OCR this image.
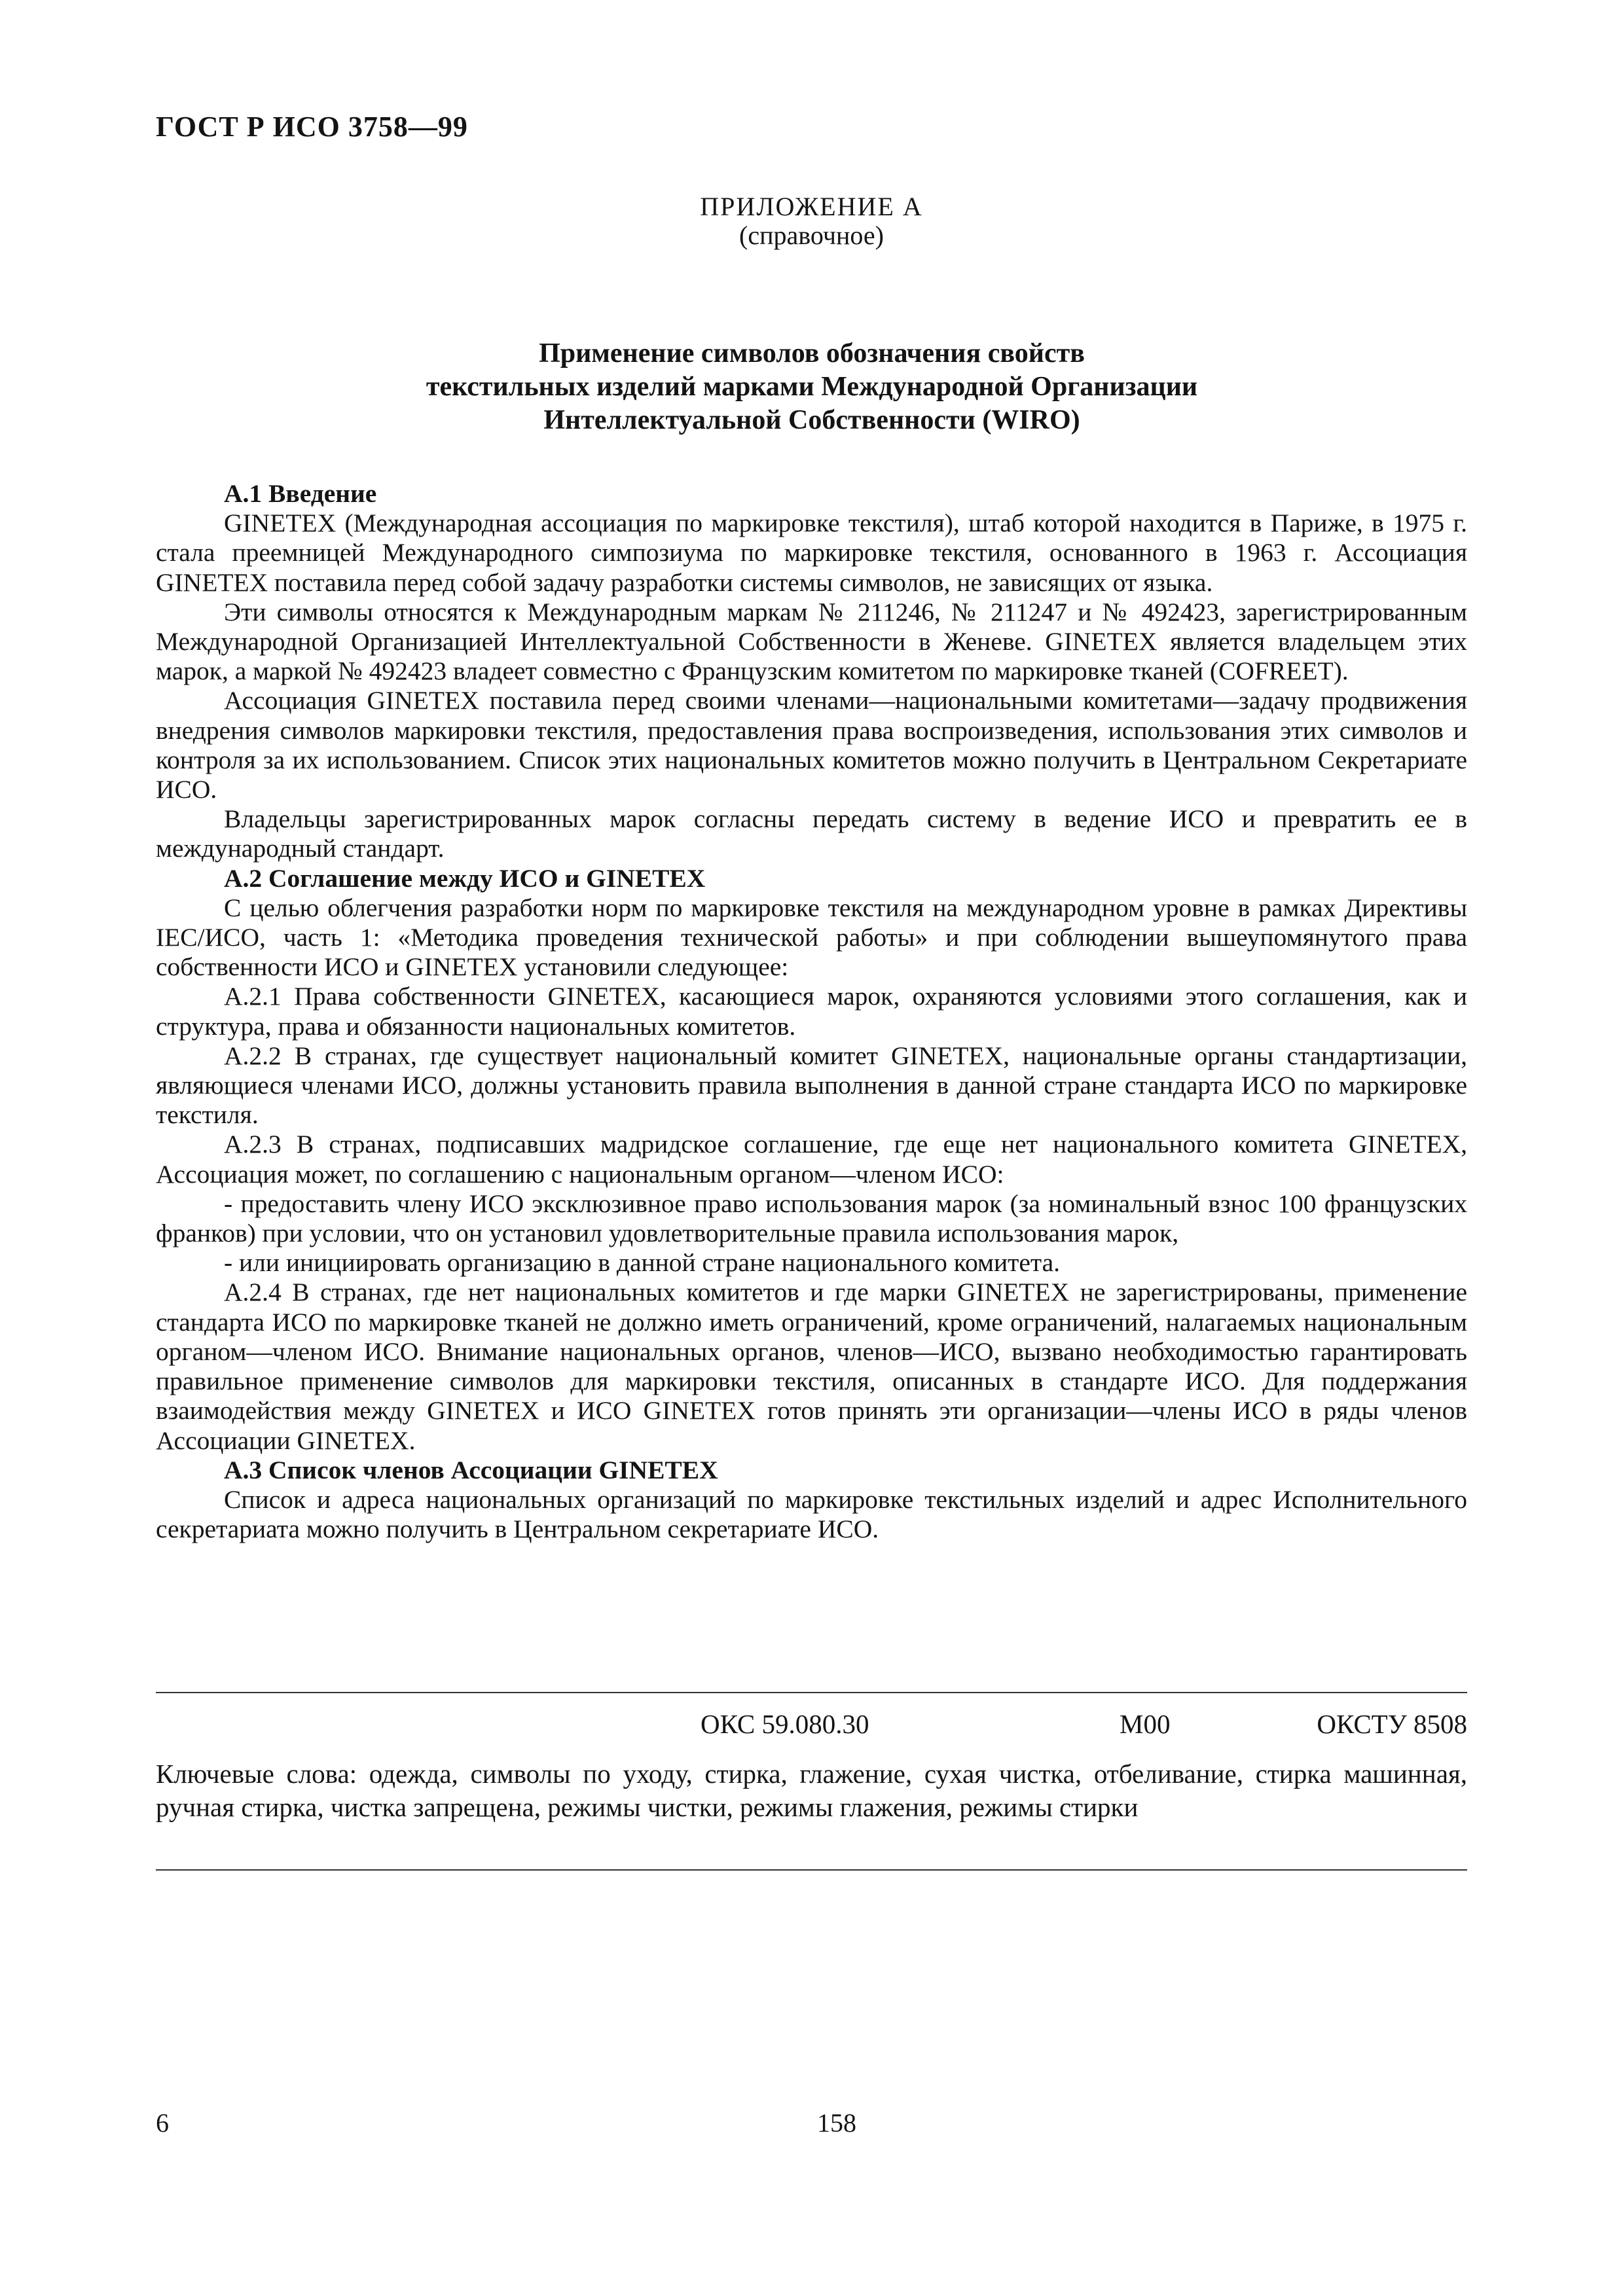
ГОСТ Р ИСО 3758—99
ПРИЛОЖЕНИЕ А
(справочное)
Применение символов обозначения свойств
текстильных изделий марками Международной Организации
Интеллектуальной Собственности (WIRO)
А.1 Введение

GINETEX (Международная ассоциация по маркировке текстиля), штаб которой находится в Париже, в 1975 г. стала преемницей Международного симпозиума по маркировке текстиля, основанного в 1963 г. Ассоциация GINETEX поставила перед собой задачу разработки системы символов, не зависящих от языка.

Эти символы относятся к Международным маркам № 211246, № 211247 и № 492423, зарегистрированным Международной Организацией Интеллектуальной Собственности в Женеве. GINETEX является владельцем этих марок, а маркой № 492423 владеет совместно с Французским комитетом по маркировке тканей (COFREET).

Ассоциация GINETEX поставила перед своими членами—национальными комитетами—задачу продвижения внедрения символов маркировки текстиля, предоставления права воспроизведения, использования этих символов и контроля за их использованием. Список этих национальных комитетов можно получить в Центральном Секретариате ИСО.

Владельцы зарегистрированных марок согласны передать систему в ведение ИСО и превратить ее в международный стандарт.

А.2 Соглашение между ИСО и GINETEX

С целью облегчения разработки норм по маркировке текстиля на международном уровне в рамках Директивы IEC/ИСО, часть 1: «Методика проведения технической работы» и при соблюдении вышеупомянутого права собственности ИСО и GINETEX установили следующее:

А.2.1 Права собственности GINETEX, касающиеся марок, охраняются условиями этого соглашения, как и структура, права и обязанности национальных комитетов.

А.2.2 В странах, где существует национальный комитет GINETEX, национальные органы стандартизации, являющиеся членами ИСО, должны установить правила выполнения в данной стране стандарта ИСО по маркировке текстиля.

А.2.3 В странах, подписавших мадридское соглашение, где еще нет национального комитета GINETEX, Ассоциация может, по соглашению с национальным органом—членом ИСО:

- предоставить члену ИСО эксклюзивное право использования марок (за номинальный взнос 100 французских франков) при условии, что он установил удовлетворительные правила использования марок,

- или инициировать организацию в данной стране национального комитета.

А.2.4 В странах, где нет национальных комитетов и где марки GINETEX не зарегистрированы, применение стандарта ИСО по маркировке тканей не должно иметь ограничений, кроме ограничений, налагаемых национальным органом—членом ИСО. Внимание национальных органов, членов—ИСО, вызвано необходимостью гарантировать правильное применение символов для маркировки текстиля, описанных в стандарте ИСО. Для поддержания взаимодействия между GINETEX и ИСО GINETEX готов принять эти организации—члены ИСО в ряды членов Ассоциации GINETEX.

А.3 Список членов Ассоциации GINETEX

Список и адреса национальных организаций по маркировке текстильных изделий и адрес Исполнительного секретариата можно получить в Центральном секретариате ИСО.

ОКС 59.080.30	М00	ОКСТУ 8508
Ключевые слова: одежда, символы по уходу, стирка, глажение, сухая чистка, отбеливание, стирка машинная, ручная стирка, чистка запрещена, режимы чистки, режимы глажения, режимы стирки
6	158
